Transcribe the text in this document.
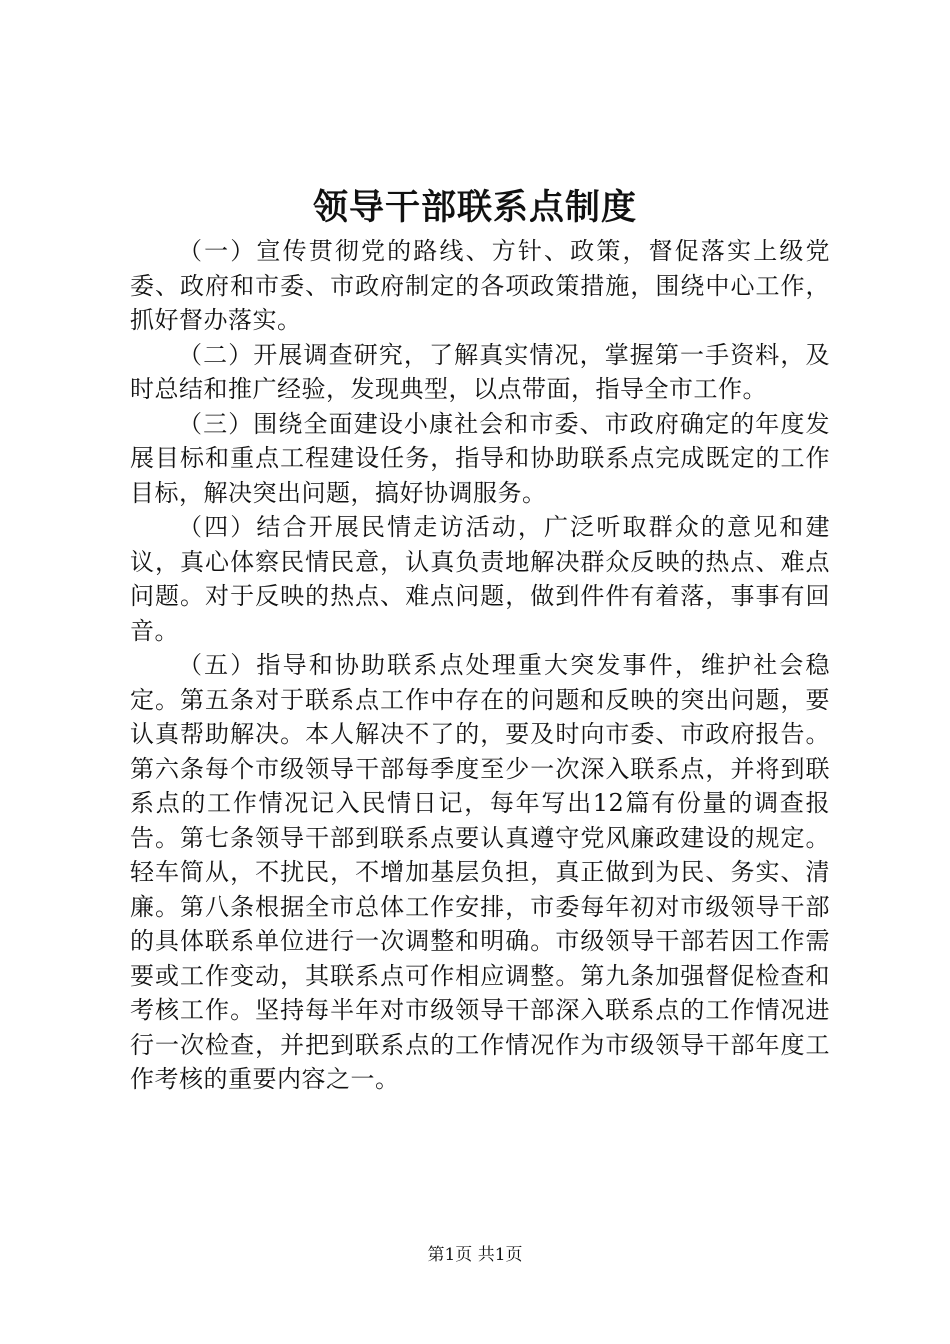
领导干部联系点制度

（一）宣传贯彻党的路线、方针、政策，督促落实上级党委、政府和市委、市政府制定的各项政策措施，围绕中心工作，抓好督办落实。

（二）开展调查研究，了解真实情况，掌握第一手资料，及时总结和推广经验，发现典型，以点带面，指导全市工作。

（三）围绕全面建设小康社会和市委、市政府确定的年度发展目标和重点工程建设任务，指导和协助联系点完成既定的工作目标，解决突出问题，搞好协调服务。

（四）结合开展民情走访活动，广泛听取群众的意见和建议，真心体察民情民意，认真负责地解决群众反映的热点、难点问题。对于反映的热点、难点问题，做到件件有着落，事事有回音。

（五）指导和协助联系点处理重大突发事件，维护社会稳定。第五条对于联系点工作中存在的问题和反映的突出问题，要认真帮助解决。本人解决不了的，要及时向市委、市政府报告。第六条每个市级领导干部每季度至少一次深入联系点，并将到联系点的工作情况记入民情日记，每年写出12篇有份量的调查报告。第七条领导干部到联系点要认真遵守党风廉政建设的规定。轻车简从，不扰民，不增加基层负担，真正做到为民、务实、清廉。第八条根据全市总体工作安排，市委每年初对市级领导干部的具体联系单位进行一次调整和明确。市级领导干部若因工作需要或工作变动，其联系点可作相应调整。第九条加强督促检查和考核工作。坚持每半年对市级领导干部深入联系点的工作情况进行一次检查，并把到联系点的工作情况作为市级领导干部年度工作考核的重要内容之一。

第1页 共1页
